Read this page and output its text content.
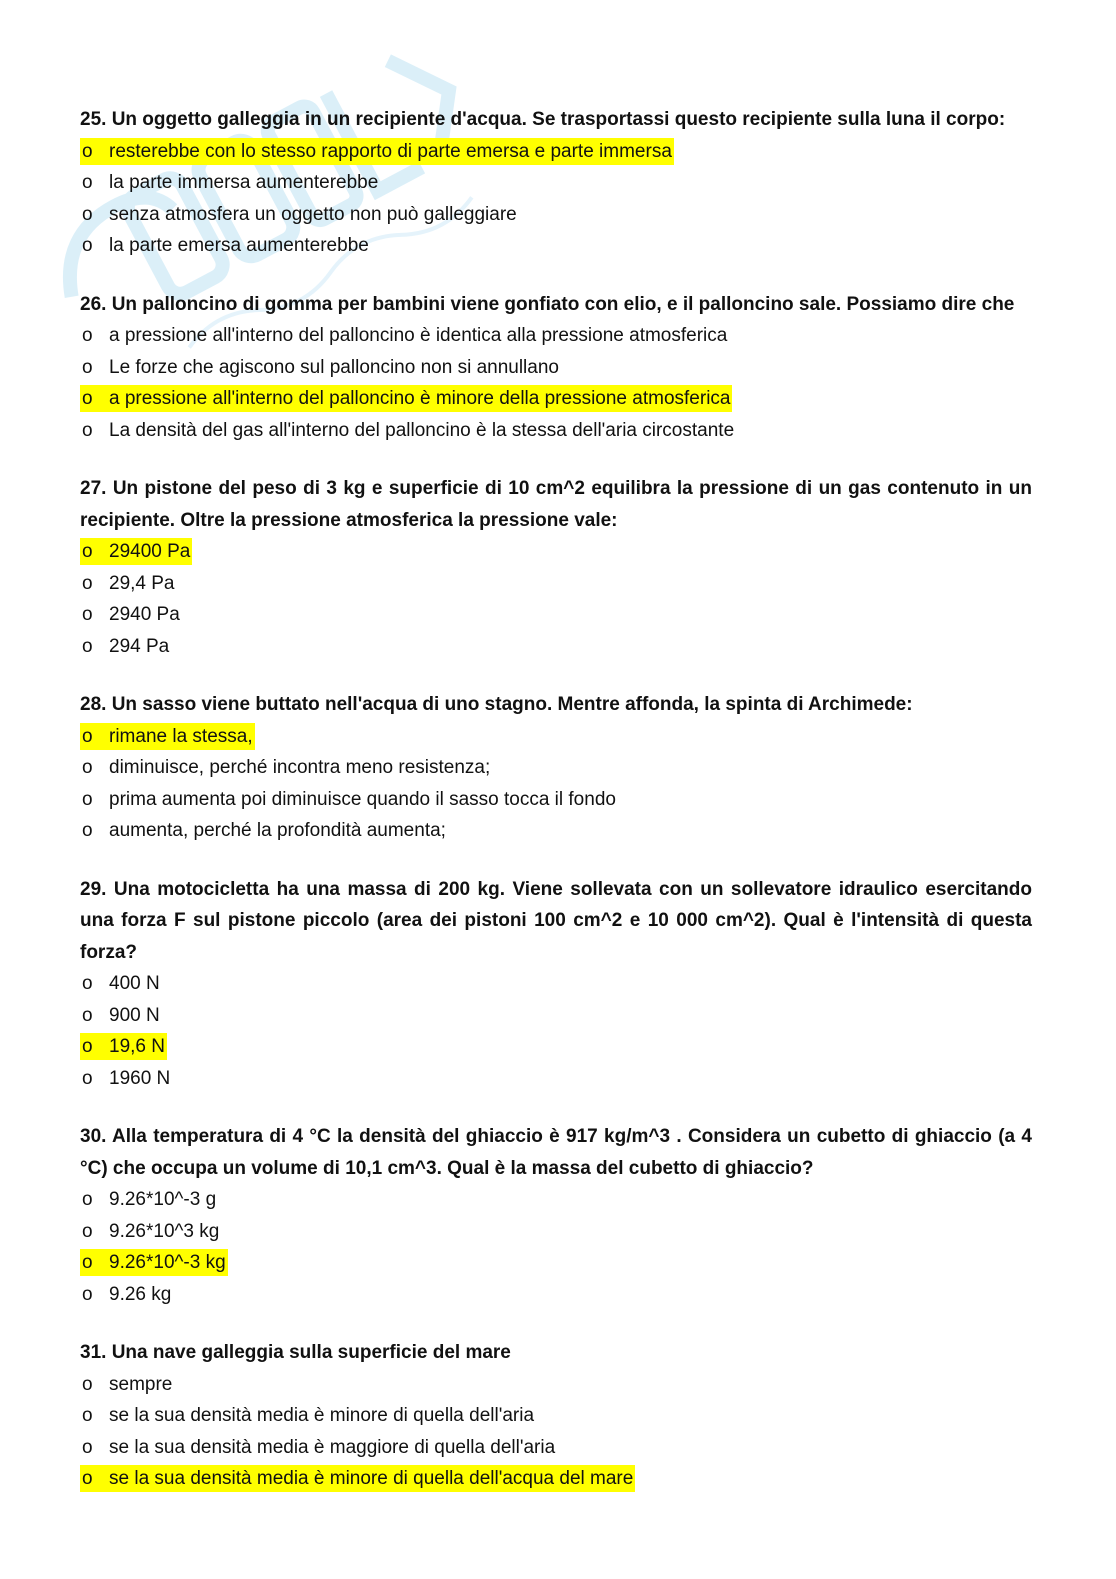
25. Un oggetto galleggia in un recipiente d'acqua. Se trasportassi questo recipiente sulla luna il corpo:

o resterebbe con lo stesso rapporto di parte emersa e parte immersa
o la parte immersa aumenterebbe
o senza atmosfera un oggetto non può galleggiare
o la parte emersa aumenterebbe

26. Un palloncino di gomma per bambini viene gonfiato con elio, e il palloncino sale. Possiamo dire che

o a pressione all'interno del palloncino è identica alla pressione atmosferica
o Le forze che agiscono sul palloncino non si annullano
o a pressione all'interno del palloncino è minore della pressione atmosferica
o La densità del gas all'interno del palloncino è la stessa dell'aria circostante

27. Un pistone del peso di 3 kg e superficie di 10 cm^2 equilibra la pressione di un gas contenuto in un recipiente. Oltre la pressione atmosferica la pressione vale:

o 29400 Pa
o 29,4 Pa
o 2940 Pa
o 294 Pa

28. Un sasso viene buttato nell'acqua di uno stagno. Mentre affonda, la spinta di Archimede:

o rimane la stessa,
o diminuisce, perché incontra meno resistenza;
o prima aumenta poi diminuisce quando il sasso tocca il fondo
o aumenta, perché la profondità aumenta;

29. Una motocicletta ha una massa di 200 kg. Viene sollevata con un sollevatore idraulico esercitando una forza F sul pistone piccolo (area dei pistoni 100 cm^2 e 10 000 cm^2). Qual è l'intensità di questa forza?

o 400 N
o 900 N
o 19,6 N
o 1960 N

30. Alla temperatura di 4 °C la densità del ghiaccio è 917 kg/m^3 . Considera un cubetto di ghiaccio (a 4 °C) che occupa un volume di 10,1 cm^3. Qual è la massa del cubetto di ghiaccio?

o 9.26*10^-3 g
o 9.26*10^3 kg
o 9.26*10^-3 kg
o 9.26 kg

31. Una nave galleggia sulla superficie del mare

o sempre
o se la sua densità media è minore di quella dell'aria
o se la sua densità media è maggiore di quella dell'aria
o se la sua densità media è minore di quella dell'acqua del mare
